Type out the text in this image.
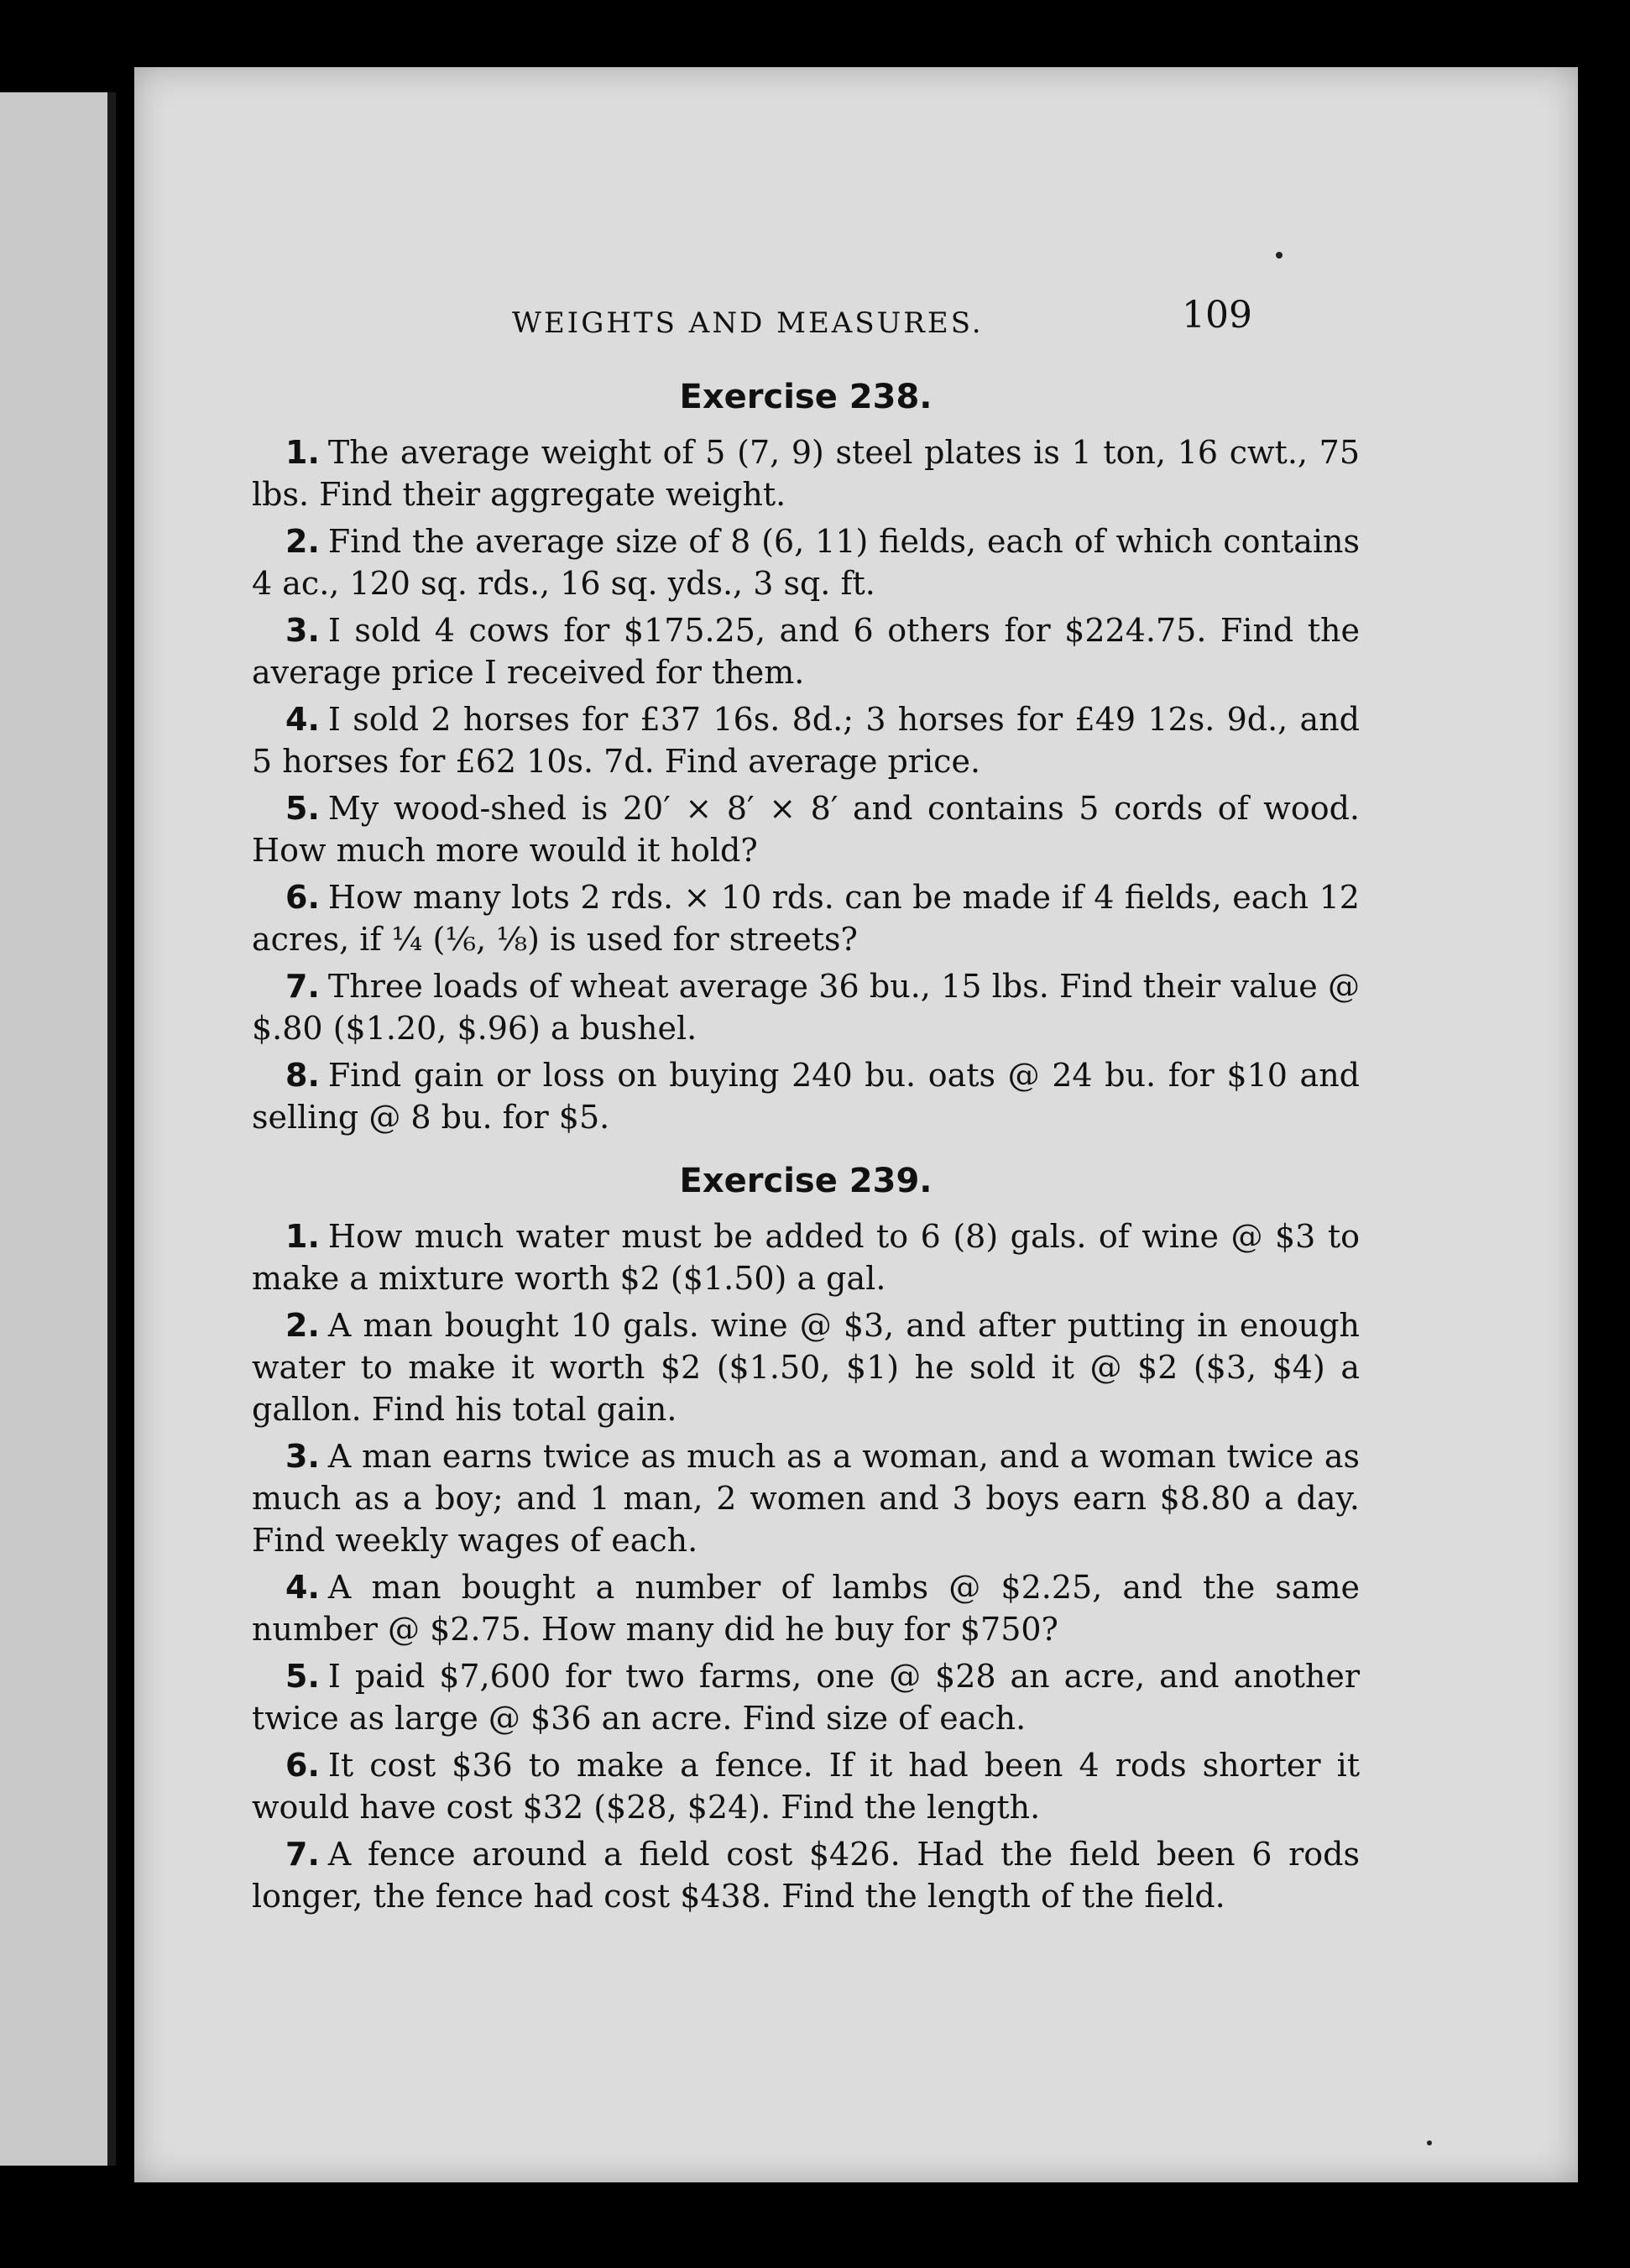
WEIGHTS AND MEASURES.	109
Exercise 238.

1. The average weight of 5 (7, 9) steel plates is 1 ton, 16 cwt., 75 lbs. Find their aggregate weight.

2. Find the average size of 8 (6, 11) fields, each of which contains 4 ac., 120 sq. rds., 16 sq. yds., 3 sq. ft.

3. I sold 4 cows for $175.25, and 6 others for $224.75. Find the average price I received for them.

4. I sold 2 horses for £37 16s. 8d.; 3 horses for £49 12s. 9d., and 5 horses for £62 10s. 7d. Find average price.

5. My wood-shed is 20′ × 8′ × 8′ and contains 5 cords of wood. How much more would it hold?

6. How many lots 2 rds. × 10 rds. can be made if 4 fields, each 12 acres, if ¼ (⅙, ⅛) is used for streets?

7. Three loads of wheat average 36 bu., 15 lbs. Find their value @ $.80 ($1.20, $.96) a bushel.

8. Find gain or loss on buying 240 bu. oats @ 24 bu. for $10 and selling @ 8 bu. for $5.

Exercise 239.

1. How much water must be added to 6 (8) gals. of wine @ $3 to make a mixture worth $2 ($1.50) a gal.

2. A man bought 10 gals. wine @ $3, and after putting in enough water to make it worth $2 ($1.50, $1) he sold it @ $2 ($3, $4) a gallon. Find his total gain.

3. A man earns twice as much as a woman, and a woman twice as much as a boy; and 1 man, 2 women and 3 boys earn $8.80 a day. Find weekly wages of each.

4. A man bought a number of lambs @ $2.25, and the same number @ $2.75. How many did he buy for $750?

5. I paid $7,600 for two farms, one @ $28 an acre, and another twice as large @ $36 an acre. Find size of each.

6. It cost $36 to make a fence. If it had been 4 rods shorter it would have cost $32 ($28, $24). Find the length.

7. A fence around a field cost $426. Had the field been 6 rods longer, the fence had cost $438. Find the length of the field.
